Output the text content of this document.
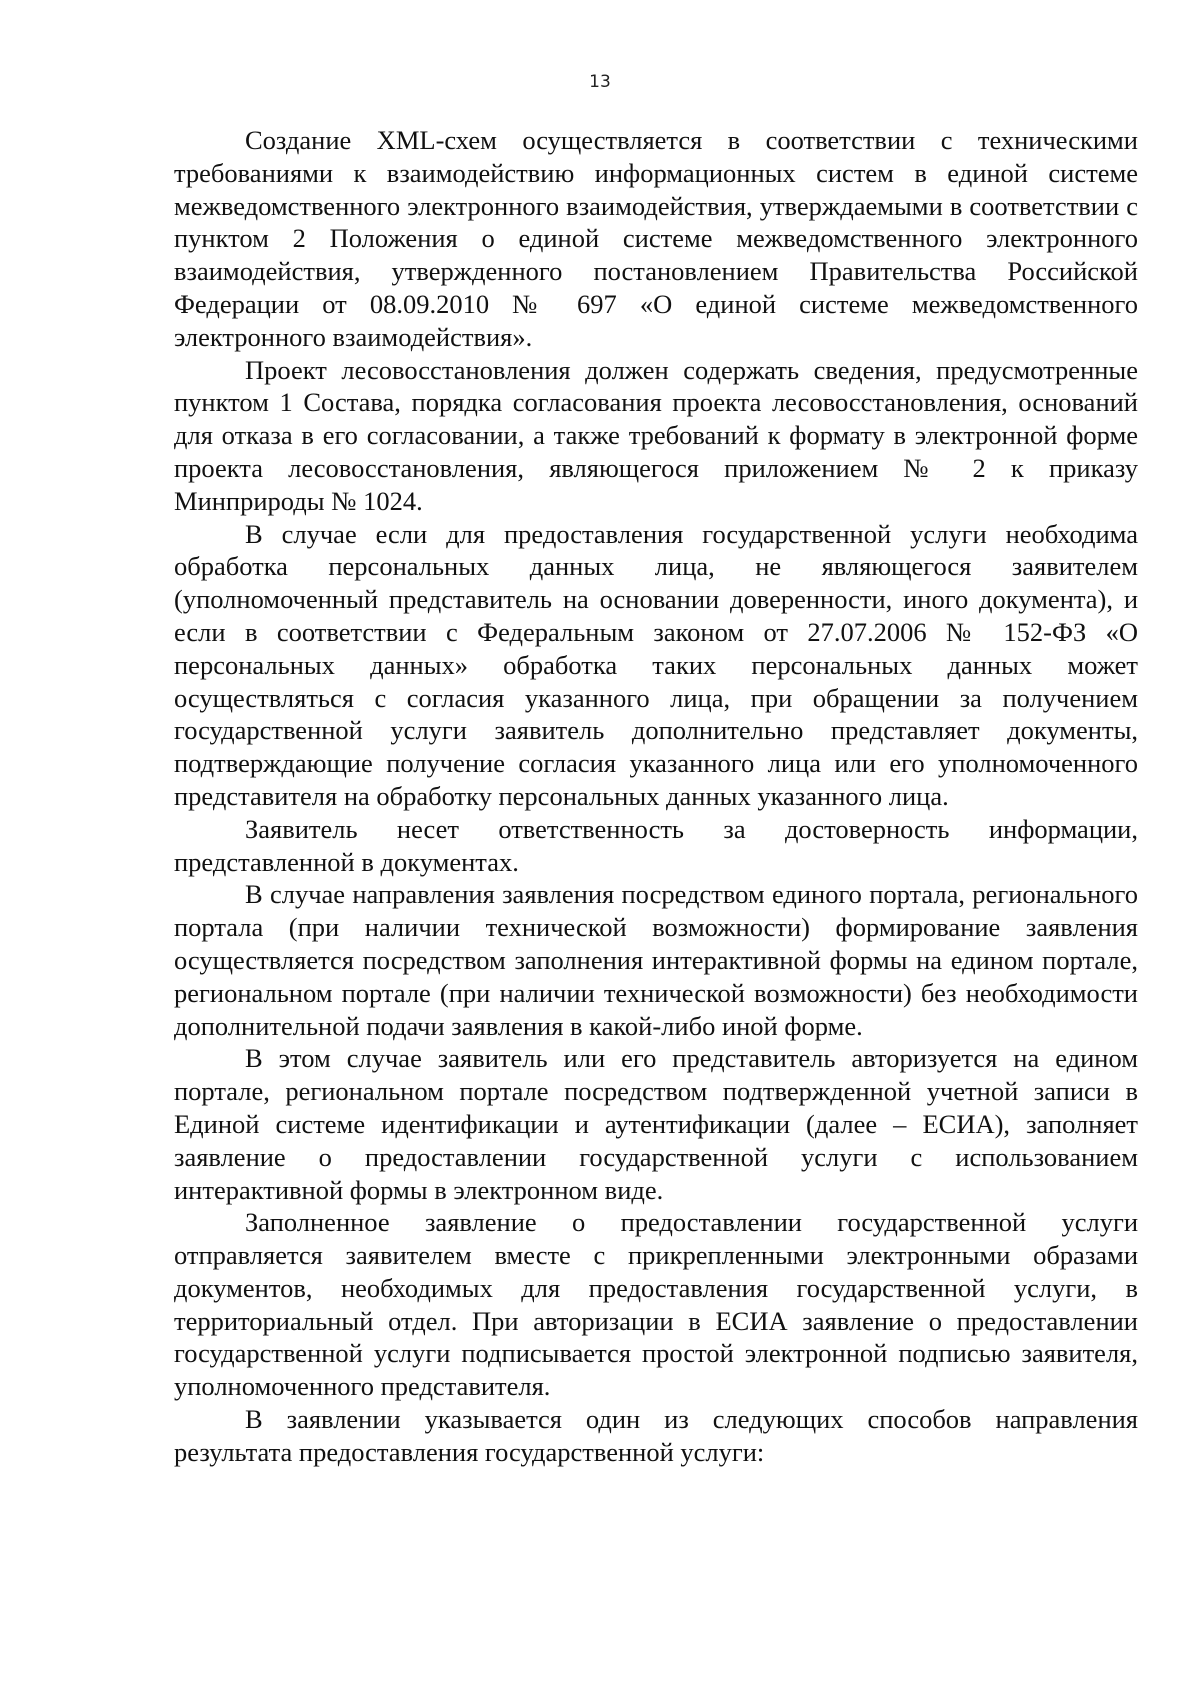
13

Создание XML-схем осуществляется в соответствии с техническими требованиями к взаимодействию информационных систем в единой системе межведомственного электронного взаимодействия, утверждаемыми в соответствии с пунктом 2 Положения о единой системе межведомственного электронного взаимодействия, утвержденного постановлением Правительства Российской Федерации от 08.09.2010 № 697 «О единой системе межведомственного электронного взаимодействия».

Проект лесовосстановления должен содержать сведения, предусмотренные пунктом 1 Состава, порядка согласования проекта лесовосстановления, оснований для отказа в его согласовании, а также требований к формату в электронной форме проекта лесовосстановления, являющегося приложением № 2 к приказу Минприроды № 1024.

В случае если для предоставления государственной услуги необходима обработка персональных данных лица, не являющегося заявителем (уполномоченный представитель на основании доверенности, иного документа), и если в соответствии с Федеральным законом от 27.07.2006 № 152-ФЗ «О персональных данных» обработка таких персональных данных может осуществляться с согласия указанного лица, при обращении за получением государственной услуги заявитель дополнительно представляет документы, подтверждающие получение согласия указанного лица или его уполномоченного представителя на обработку персональных данных указанного лица.

Заявитель несет ответственность за достоверность информации, представленной в документах.

В случае направления заявления посредством единого портала, регионального портала (при наличии технической возможности) формирование заявления осуществляется посредством заполнения интерактивной формы на едином портале, региональном портале (при наличии технической возможности) без необходимости дополнительной подачи заявления в какой-либо иной форме.

В этом случае заявитель или его представитель авторизуется на едином портале, региональном портале посредством подтвержденной учетной записи в Единой системе идентификации и аутентификации (далее – ЕСИА), заполняет заявление о предоставлении государственной услуги с использованием интерактивной формы в электронном виде.

Заполненное заявление о предоставлении государственной услуги отправляется заявителем вместе с прикрепленными электронными образами документов, необходимых для предоставления государственной услуги, в территориальный отдел. При авторизации в ЕСИА заявление о предоставлении государственной услуги подписывается простой электронной подписью заявителя, уполномоченного представителя.

В заявлении указывается один из следующих способов направления результата предоставления государственной услуги:
